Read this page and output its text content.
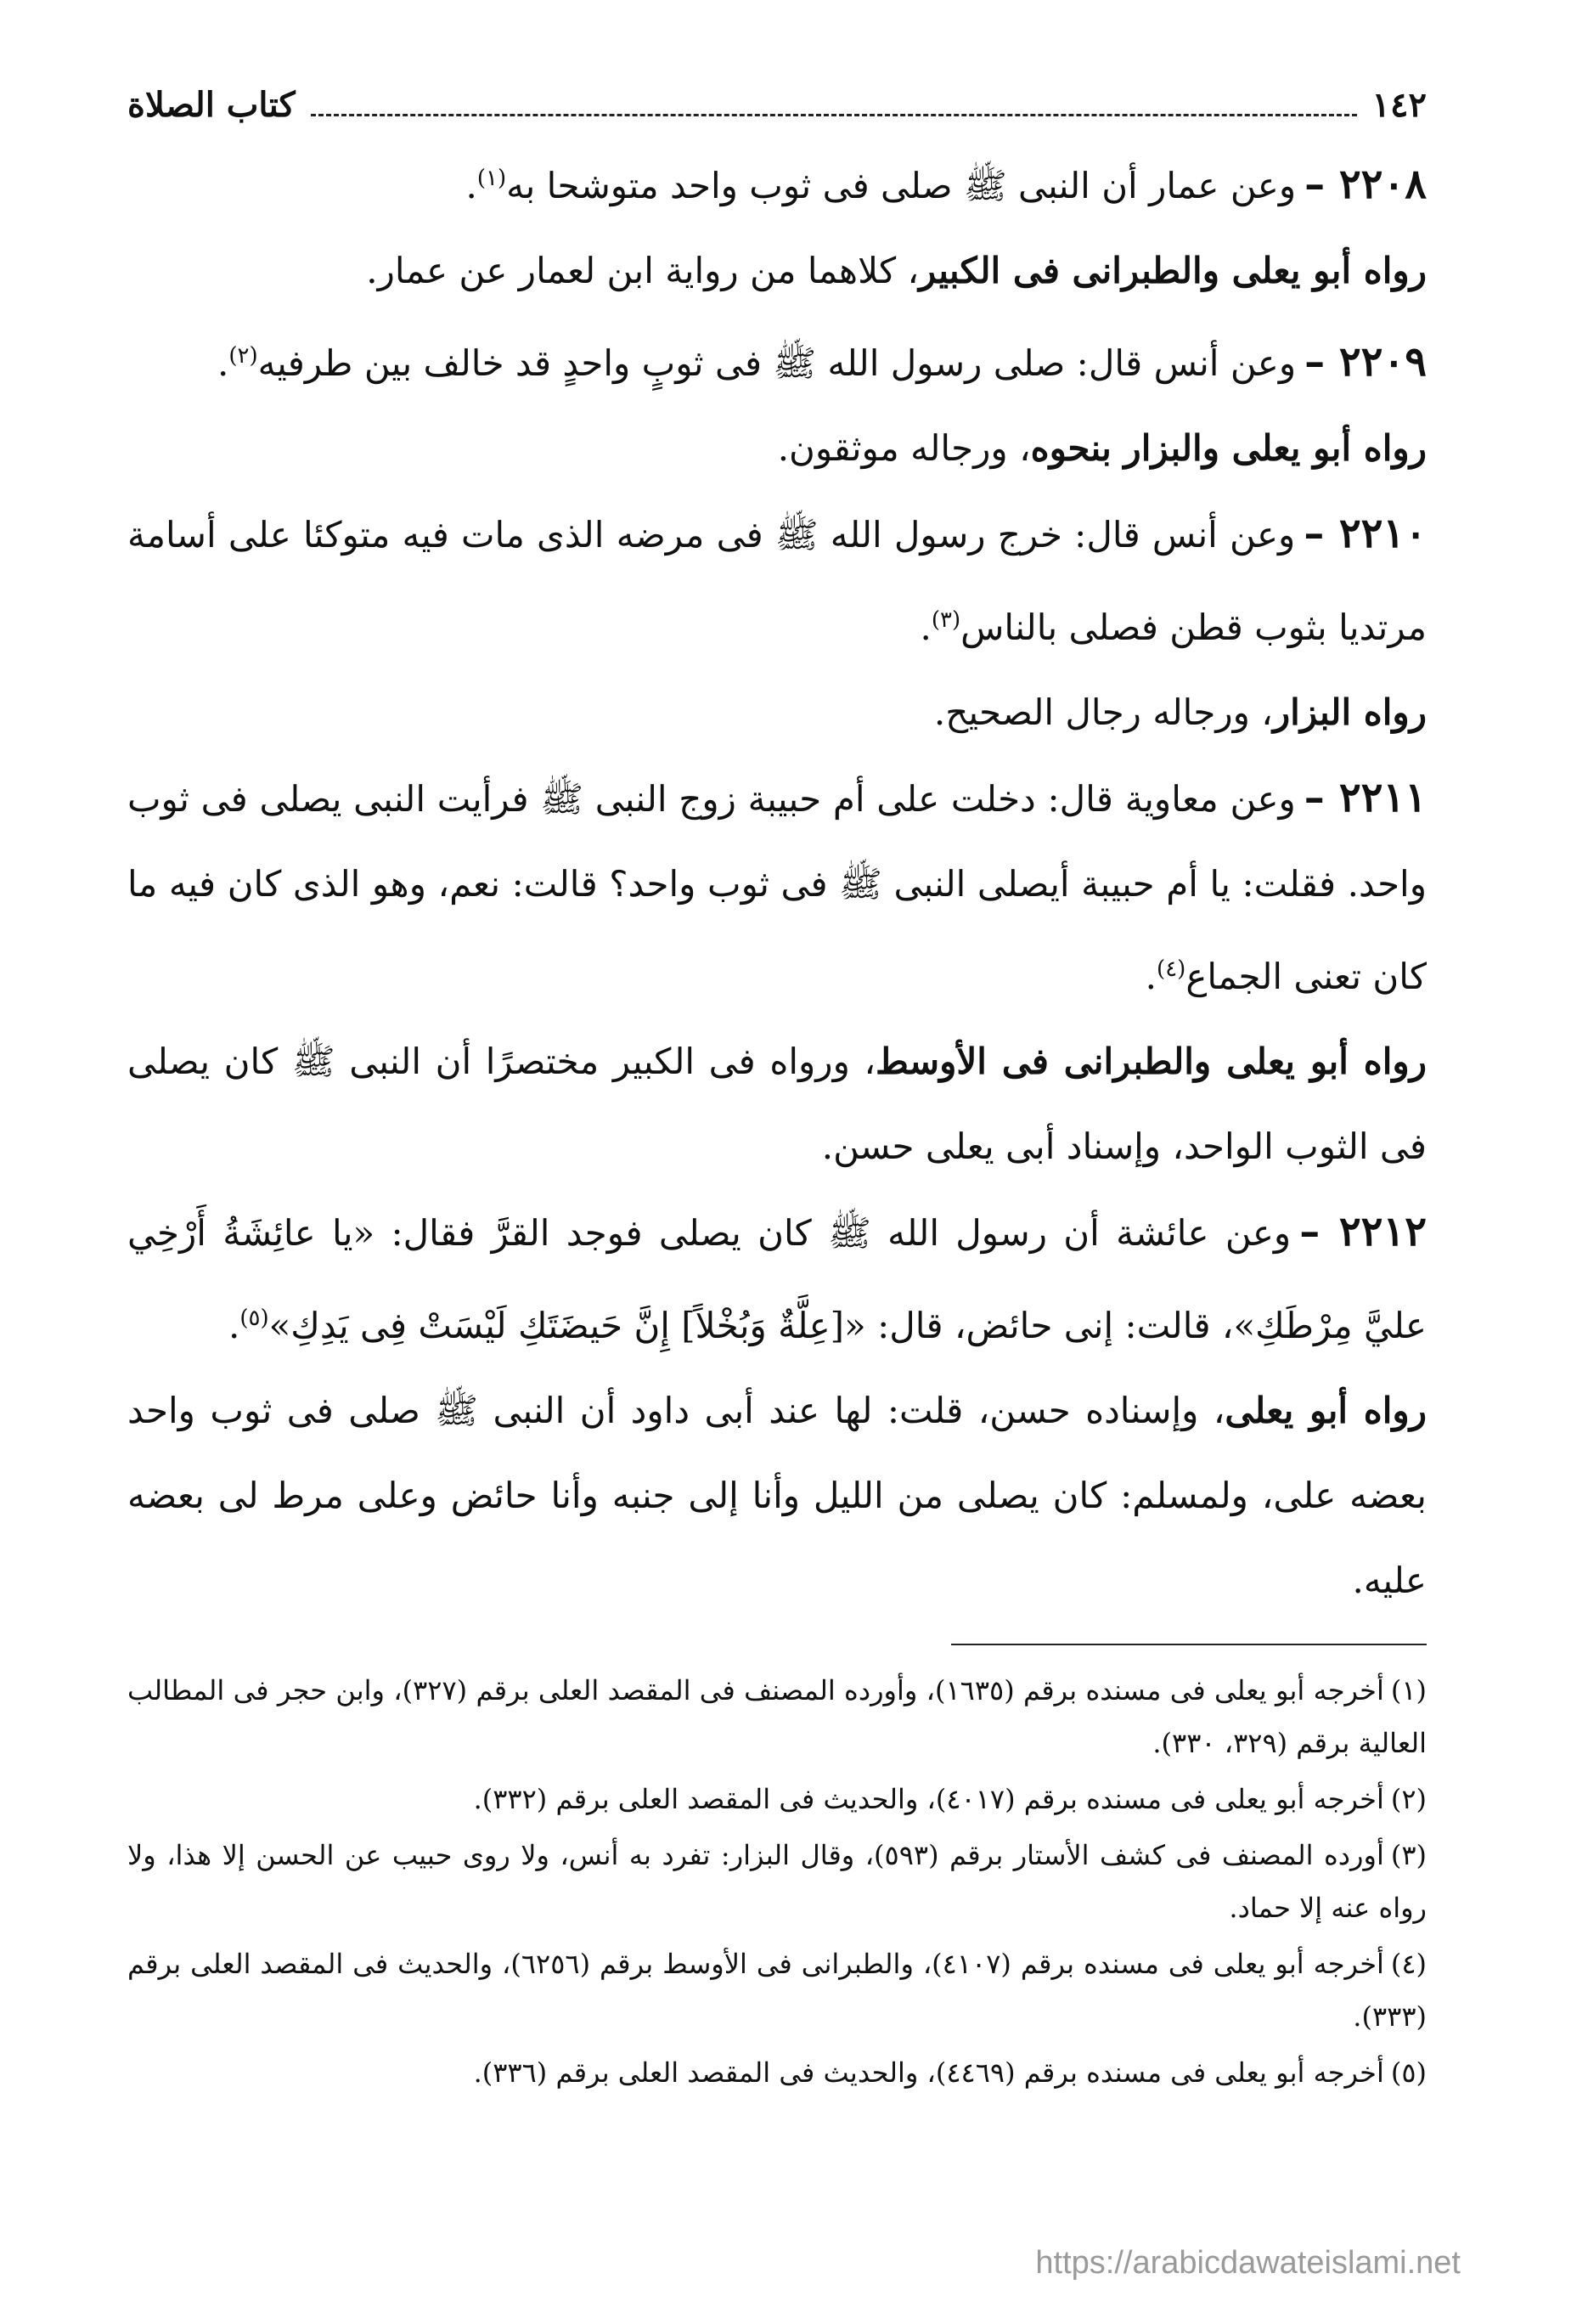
١٤٢
كتاب الصلاة

٢٢٠٨ –وعن عمار أن النبى ﷺ صلى فى ثوب واحد متوشحا به$^{(١)}$.

رواه أبو يعلى والطبرانى فى الكبير، كلاهما من رواية ابن لعمار عن عمار.

٢٢٠٩ –وعن أنس قال: صلى رسول الله ﷺ فى ثوبٍ واحدٍ قد خالف بين طرفيه$^{(٢)}$.

رواه أبو يعلى والبزار بنحوه، ورجاله موثقون.

٢٢١٠ –وعن أنس قال: خرج رسول الله ﷺ فى مرضه الذى مات فيه متوكئا على أسامة مرتديا بثوب قطن فصلى بالناس$^{(٣)}$.

رواه البزار، ورجاله رجال الصحيح.

٢٢١١ –وعن معاوية قال: دخلت على أم حبيبة زوج النبى ﷺ فرأيت النبى يصلى فى ثوب واحد. فقلت: يا أم حبيبة أيصلى النبى ﷺ فى ثوب واحد؟ قالت: نعم، وهو الذى كان فيه ما كان تعنى الجماع$^{(٤)}$.

رواه أبو يعلى والطبرانى فى الأوسط، ورواه فى الكبير مختصرًا أن النبى ﷺ كان يصلى فى الثوب الواحد، وإسناد أبى يعلى حسن.

٢٢١٢ –وعن عائشة أن رسول الله ﷺ كان يصلى فوجد القرَّ فقال: «يا عائِشَةُ أَرْخِي عليَّ مِرْطَكِ»، قالت: إنى حائض، قال: «[عِلَّةٌ وَبُخْلاً] إِنَّ حَيضَتَكِ لَيْسَتْ فِى يَدِكِ»$^{(٥)}$.

رواه أبو يعلى، وإسناده حسن، قلت: لها عند أبى داود أن النبى ﷺ صلى فى ثوب واحد بعضه على، ولمسلم: كان يصلى من الليل وأنا إلى جنبه وأنا حائض وعلى مرط لى بعضه عليه.

(١)أخرجه أبو يعلى فى مسنده برقم (١٦٣٥)، وأورده المصنف فى المقصد العلى برقم (٣٢٧)، وابن حجر فى المطالب العالية برقم (٣٢٩، ٣٣٠).

(٢)أخرجه أبو يعلى فى مسنده برقم (٤٠١٧)، والحديث فى المقصد العلى برقم (٣٣٢).

(٣)أورده المصنف فى كشف الأستار برقم (٥٩٣)، وقال البزار: تفرد به أنس، ولا روى حبيب عن الحسن إلا هذا، ولا رواه عنه إلا حماد.

(٤)أخرجه أبو يعلى فى مسنده برقم (٤١٠٧)، والطبرانى فى الأوسط برقم (٦٢٥٦)، والحديث فى المقصد العلى برقم (٣٣٣).

(٥)أخرجه أبو يعلى فى مسنده برقم (٤٤٦٩)، والحديث فى المقصد العلى برقم (٣٣٦).

https://arabicdawateislami.net
